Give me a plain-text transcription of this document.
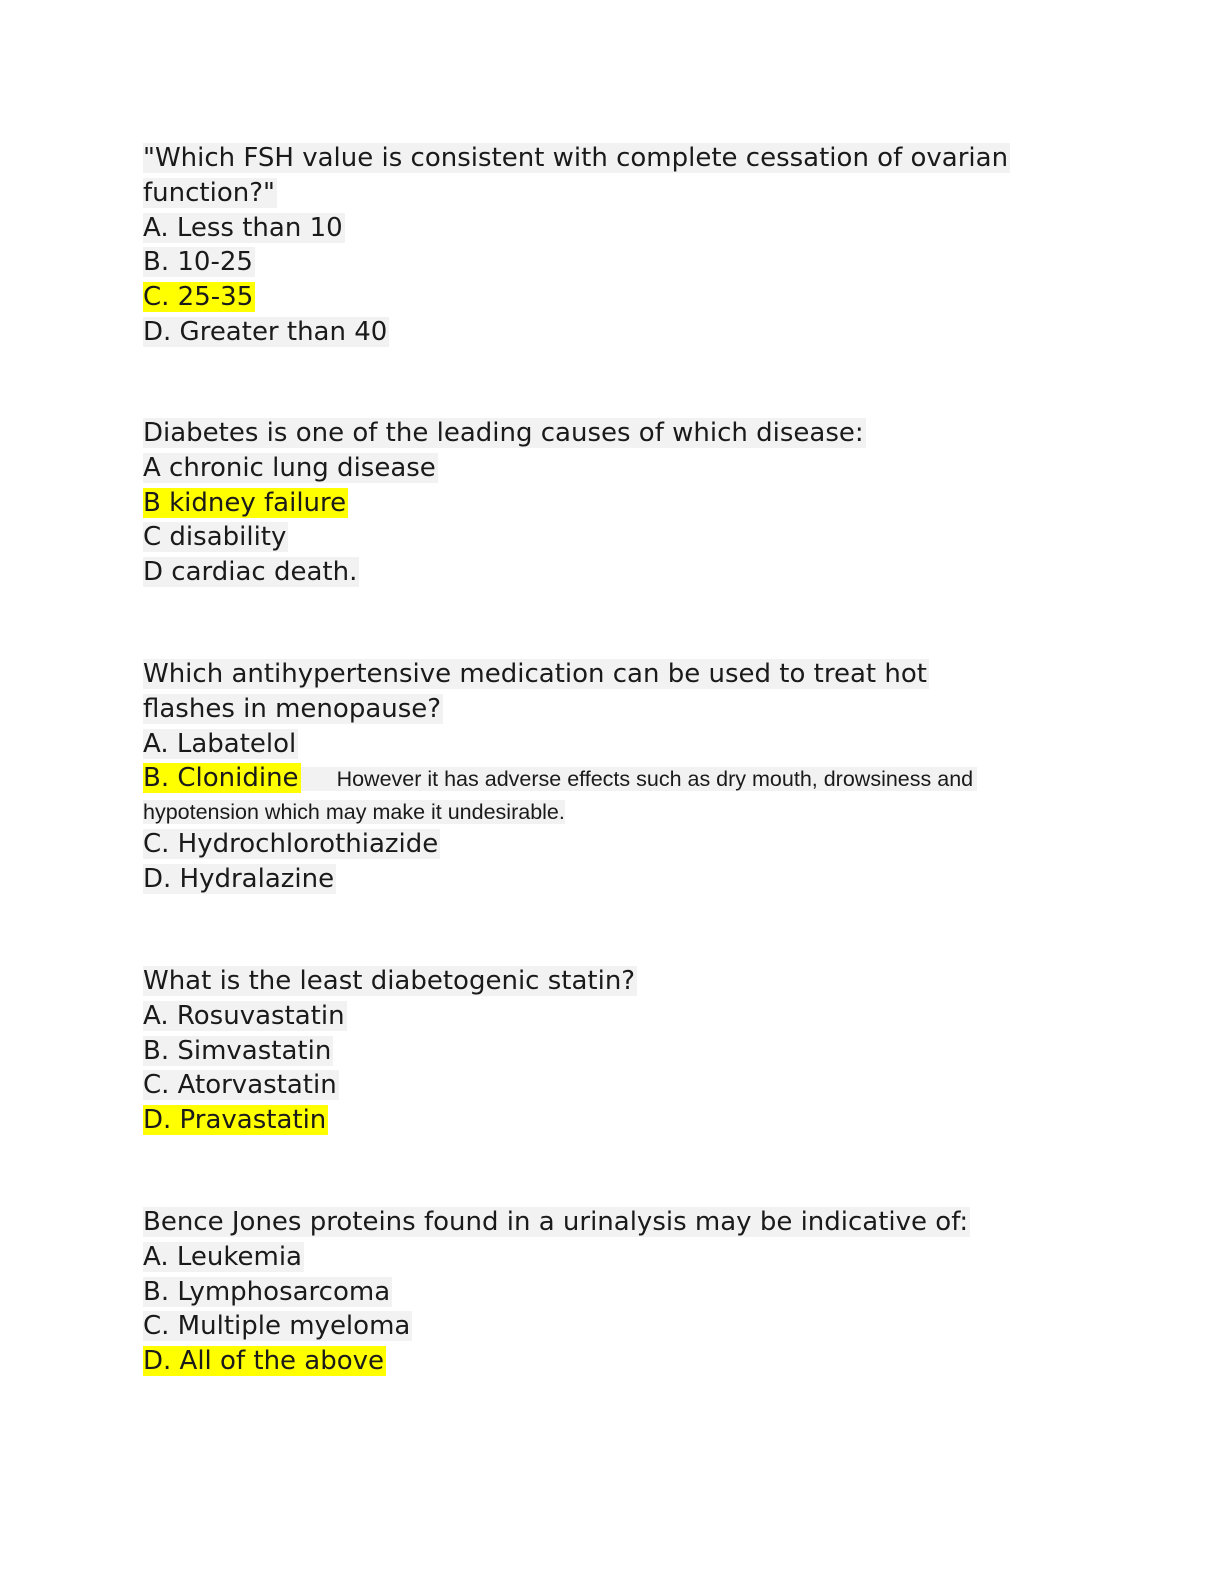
"Which FSH value is consistent with complete cessation of ovarian
function?"
A. Less than 10
B. 10-25
C. 25-35
D. Greater than 40
Diabetes is one of the leading causes of which disease:
A chronic lung disease
B kidney failure
C disability
D cardiac death.
Which antihypertensive medication can be used to treat hot
flashes in menopause?
A. Labatelol
B. Clonidine However it has adverse effects such as dry mouth, drowsiness and
hypotension which may make it undesirable.
C. Hydrochlorothiazide
D. Hydralazine
What is the least diabetogenic statin?
A. Rosuvastatin
B. Simvastatin
C. Atorvastatin
D. Pravastatin
Bence Jones proteins found in a urinalysis may be indicative of:
A. Leukemia
B. Lymphosarcoma
C. Multiple myeloma
D. All of the above
